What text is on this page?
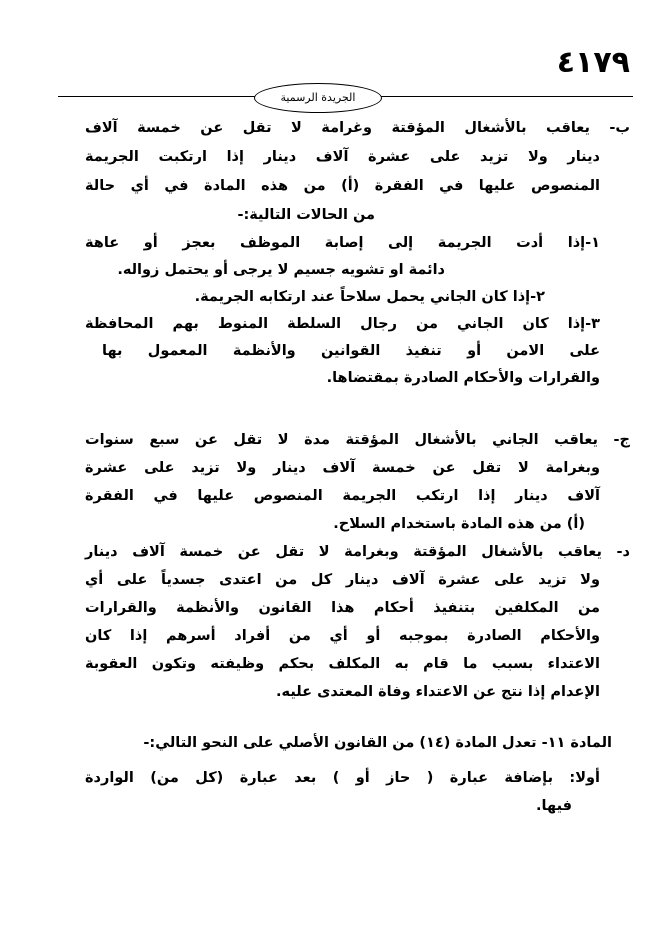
٤١٧٩
الجريدة الرسمية
ب- يعاقب بالأشغال المؤقتة وغرامة لا تقل عن خمسة آلاف
دينار ولا تزيد على عشرة آلاف دينار إذا ارتكبت الجريمة
المنصوص عليها في الفقرة (أ) من هذه المادة في أي حالة
من الحالات التالية:-
١-إذا أدت الجريمة إلى إصابة الموظف بعجز أو عاهة
دائمة او تشويه جسيم لا يرجى أو يحتمل زواله.
٢-إذا كان الجاني يحمل سلاحاً عند ارتكابه الجريمة.
٣-إذا كان الجاني من رجال السلطة المنوط بهم المحافظة
على الامن أو تنفيذ القوانين والأنظمة المعمول بها
والقرارات والأحكام الصادرة بمقتضاها.
ج- يعاقب الجاني بالأشغال المؤقتة مدة لا تقل عن سبع سنوات
وبغرامة لا تقل عن خمسة آلاف دينار ولا تزيد على عشرة
آلاف دينار إذا ارتكب الجريمة المنصوص عليها في الفقرة
(أ) من هذه المادة باستخدام السلاح.
د- يعاقب بالأشغال المؤقتة وبغرامة لا تقل عن خمسة آلاف دينار
ولا تزيد على عشرة آلاف دينار كل من اعتدى جسدياً على أي
من المكلفين بتنفيذ أحكام هذا القانون والأنظمة والقرارات
والأحكام الصادرة بموجبه أو أي من أفراد أسرهم إذا كان
الاعتداء بسبب ما قام به المكلف بحكم وظيفته وتكون العقوبة
الإعدام إذا نتج عن الاعتداء وفاة المعتدى عليه.
المادة ١١- تعدل المادة (١٤) من القانون الأصلي على النحو التالي:-
أولا: بإضافة عبارة ( حاز أو ) بعد عبارة (كل من) الواردة
فيها.
